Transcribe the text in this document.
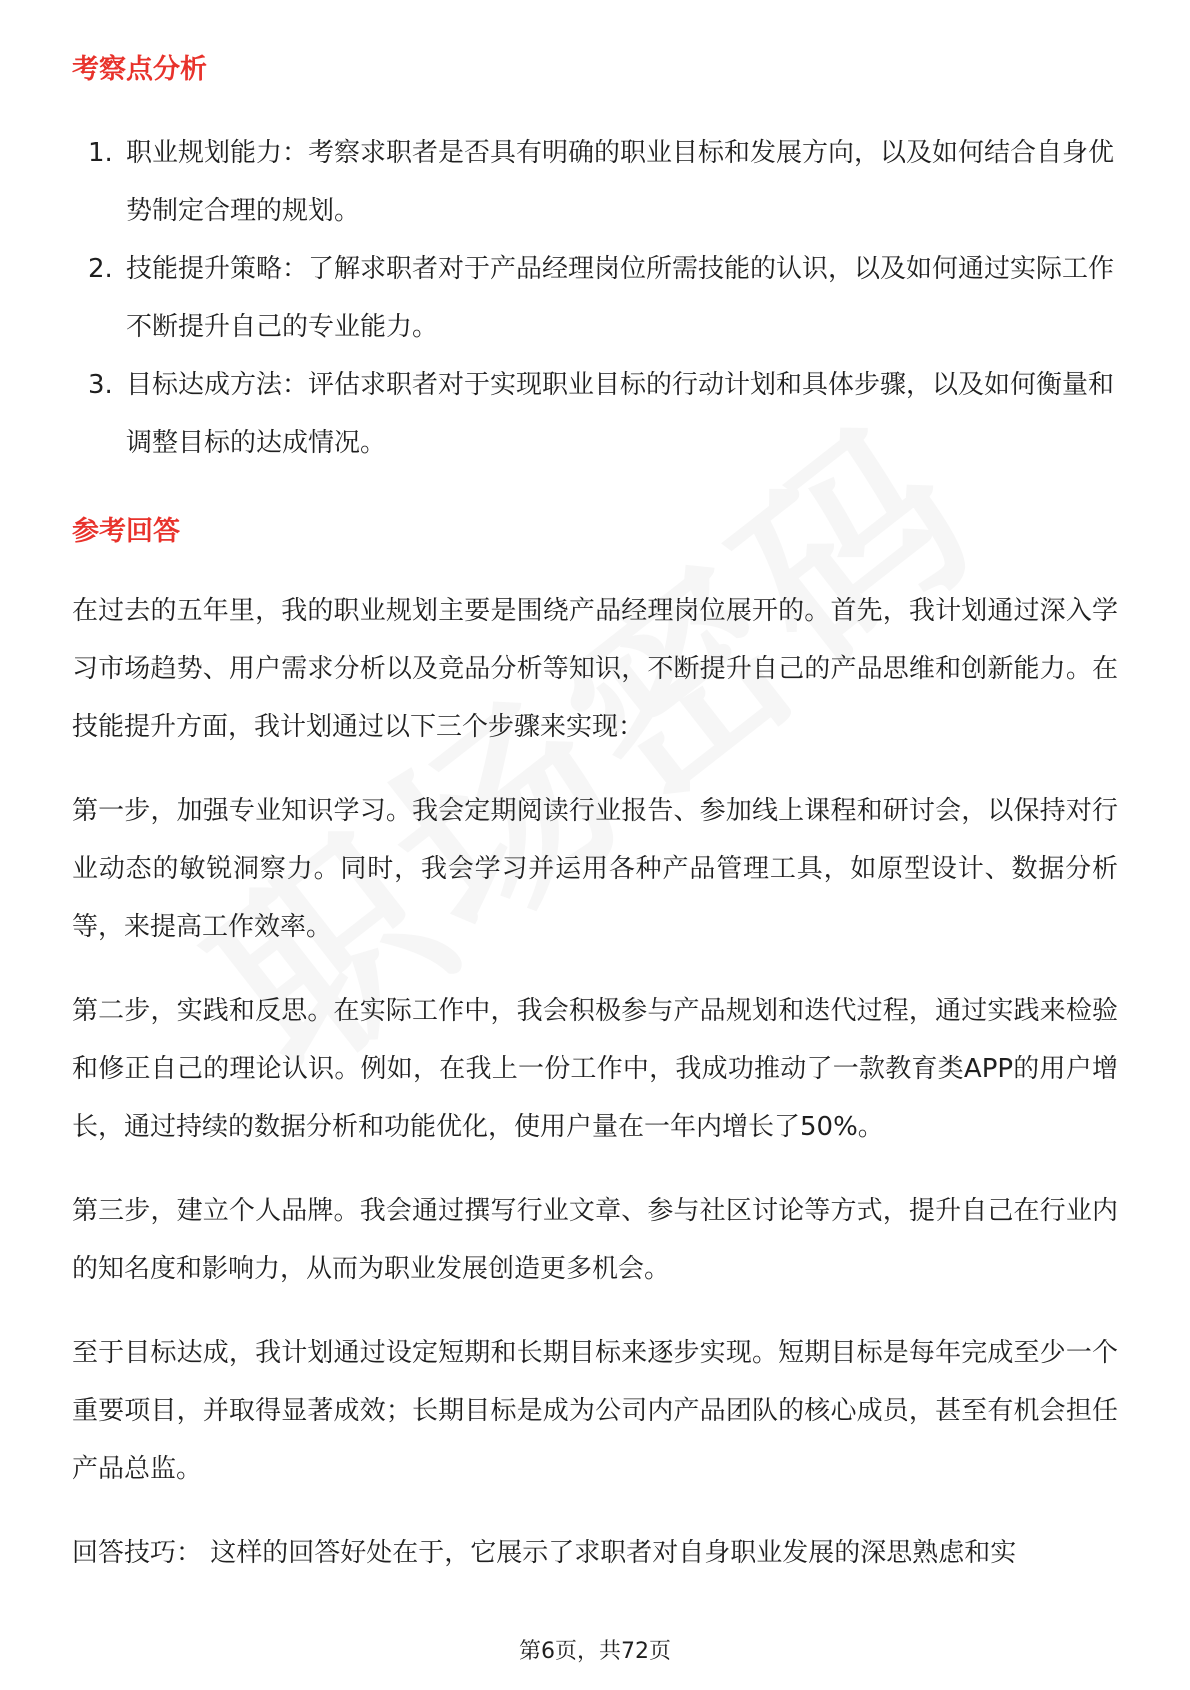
考察点分析
1. 职业规划能力：考察求职者是否具有明确的职业目标和发展方向，以及如何结合自身优势制定合理的规划。
2. 技能提升策略：了解求职者对于产品经理岗位所需技能的认识，以及如何通过实际工作不断提升自己的专业能力。
3. 目标达成方法：评估求职者对于实现职业目标的行动计划和具体步骤，以及如何衡量和调整目标的达成情况。
参考回答

在过去的五年里，我的职业规划主要是围绕产品经理岗位展开的。首先，我计划通过深入学习市场趋势、用户需求分析以及竞品分析等知识，不断提升自己的产品思维和创新能力。在技能提升方面，我计划通过以下三个步骤来实现：

第一步，加强专业知识学习。我会定期阅读行业报告、参加线上课程和研讨会，以保持对行业动态的敏锐洞察力。同时，我会学习并运用各种产品管理工具，如原型设计、数据分析等，来提高工作效率。

第二步，实践和反思。在实际工作中，我会积极参与产品规划和迭代过程，通过实践来检验和修正自己的理论认识。例如，在我上一份工作中，我成功推动了一款教育类APP的用户增长，通过持续的数据分析和功能优化，使用户量在一年内增长了50%。

第三步，建立个人品牌。我会通过撰写行业文章、参与社区讨论等方式，提升自己在行业内的知名度和影响力，从而为职业发展创造更多机会。

至于目标达成，我计划通过设定短期和长期目标来逐步实现。短期目标是每年完成至少一个重要项目，并取得显著成效；长期目标是成为公司内产品团队的核心成员，甚至有机会担任产品总监。

回答技巧： 这样的回答好处在于，它展示了求职者对自身职业发展的深思熟虑和实

第6页，共72页
